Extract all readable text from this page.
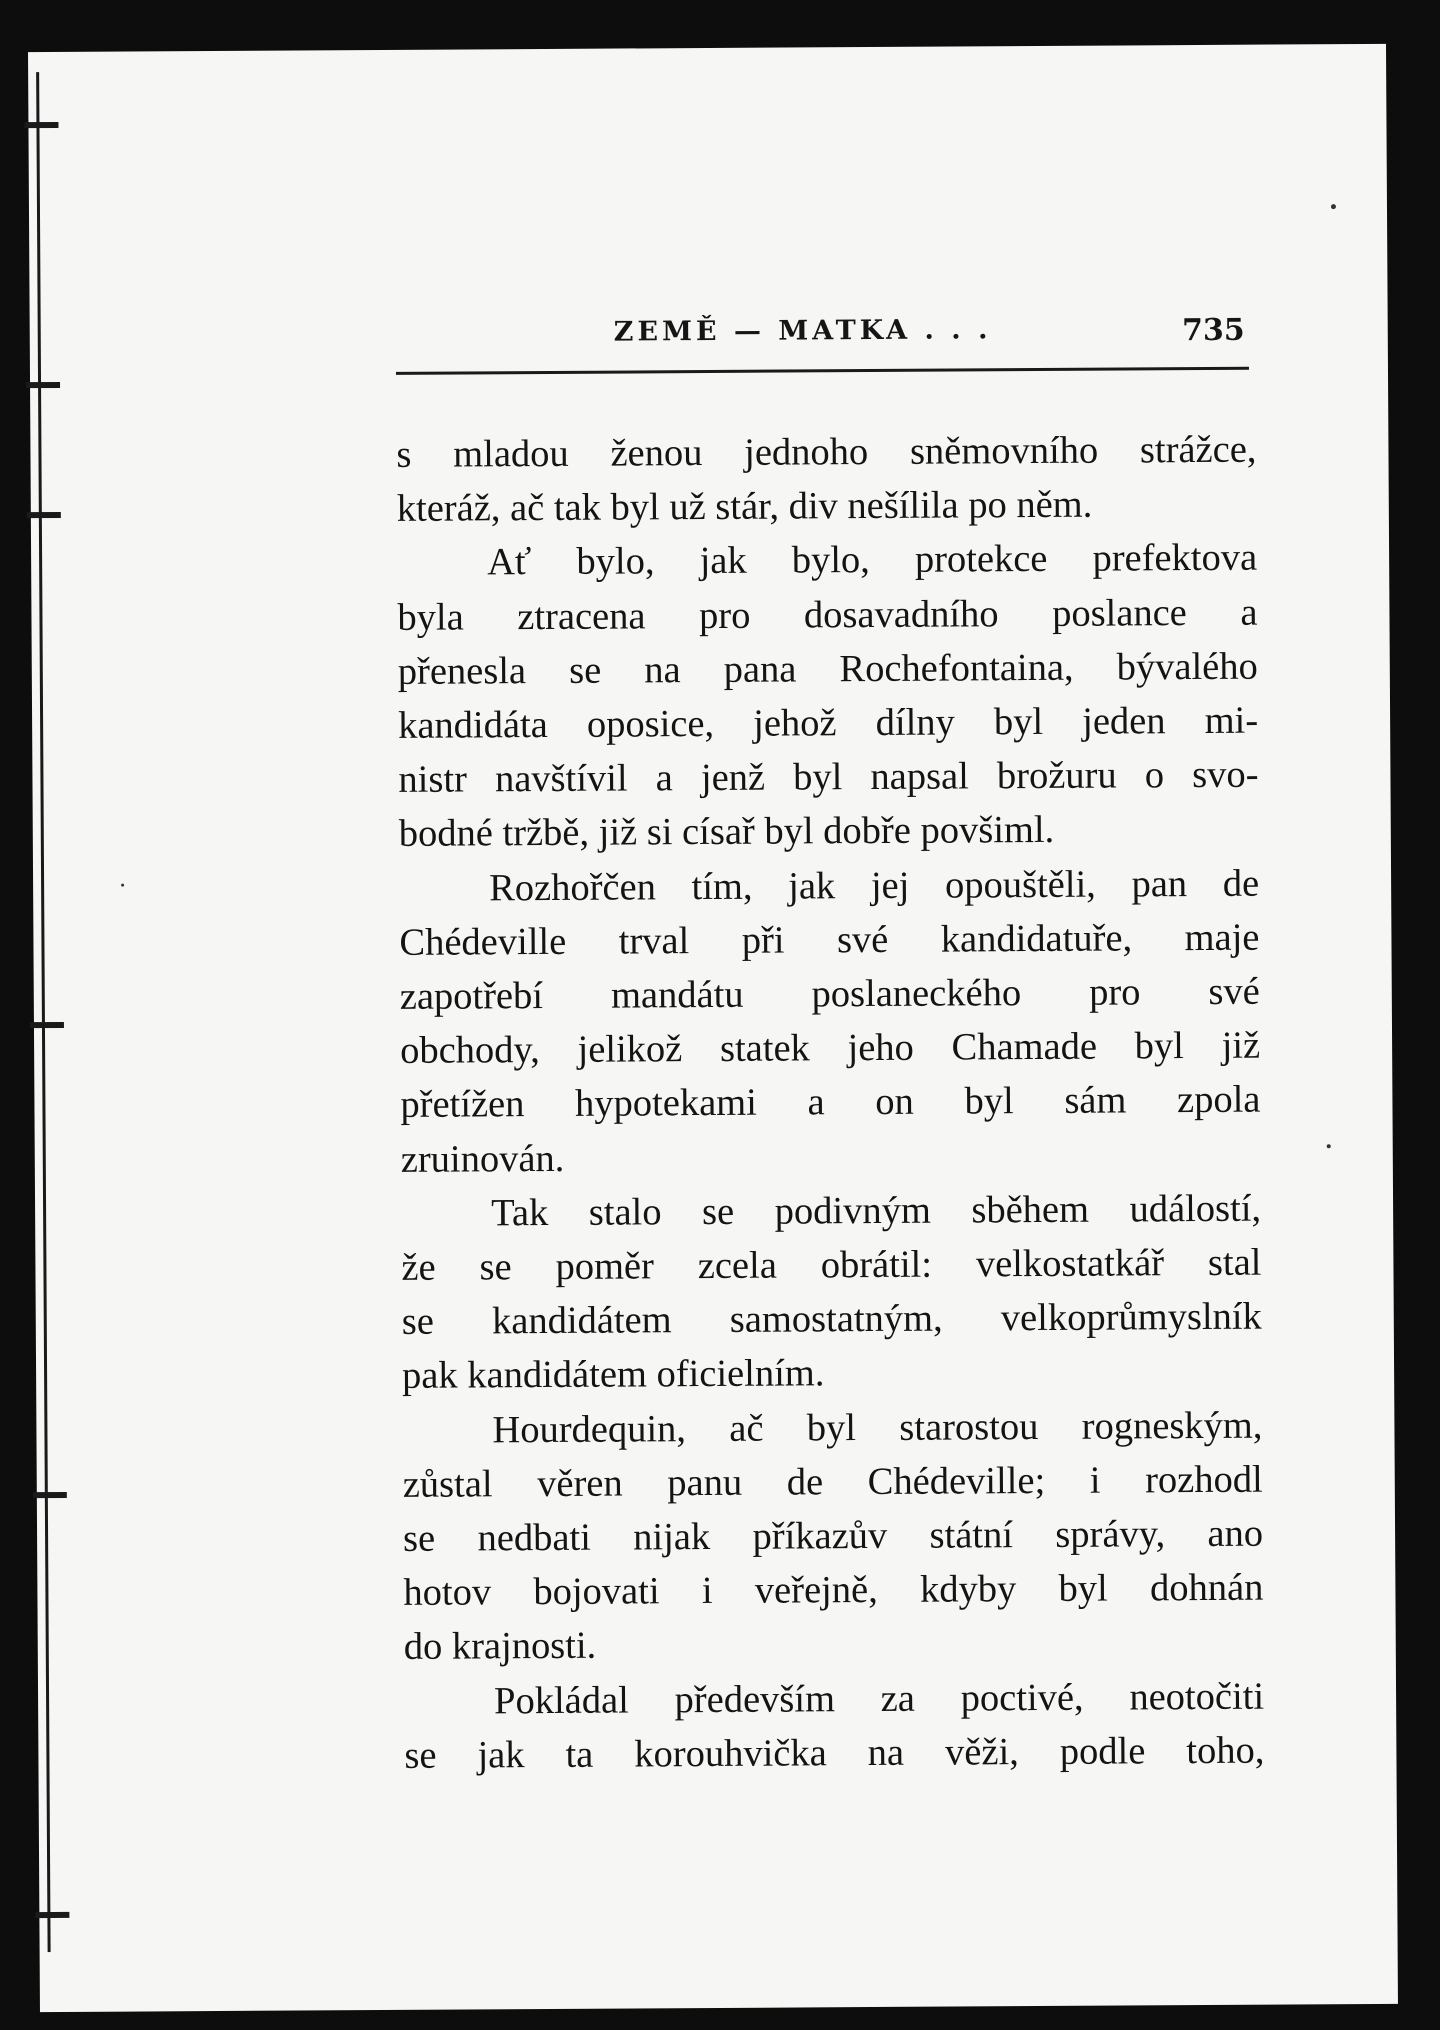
ZEMĚ — MATKA . . .	735
s mladou ženou jednoho sněmovního strážce,
kteráž, ač tak byl už stár, div nešílila po něm.
Ať bylo, jak bylo, protekce prefektova
byla ztracena pro dosavadního poslance a
přenesla se na pana Rochefontaina, bývalého
kandidáta oposice, jehož dílny byl jeden mi-
nistr navštívil a jenž byl napsal brožuru o svo-
bodné tržbě, již si císař byl dobře povšiml.
Rozhořčen tím, jak jej opouštěli, pan de
Chédeville trval při své kandidatuře, maje
zapotřebí mandátu poslaneckého pro své
obchody, jelikož statek jeho Chamade byl již
přetížen hypotekami a on byl sám zpola
zruinován.
Tak stalo se podivným sběhem událostí,
že se poměr zcela obrátil: velkostatkář stal
se kandidátem samostatným, velkoprůmyslník
pak kandidátem oficielním.
Hourdequin, ač byl starostou rogneským,
zůstal věren panu de Chédeville; i rozhodl
se nedbati nijak příkazův státní správy, ano
hotov bojovati i veřejně, kdyby byl dohnán
do krajnosti.
Pokládal především za poctivé, neotočiti
se jak ta korouhvička na věži, podle toho,
